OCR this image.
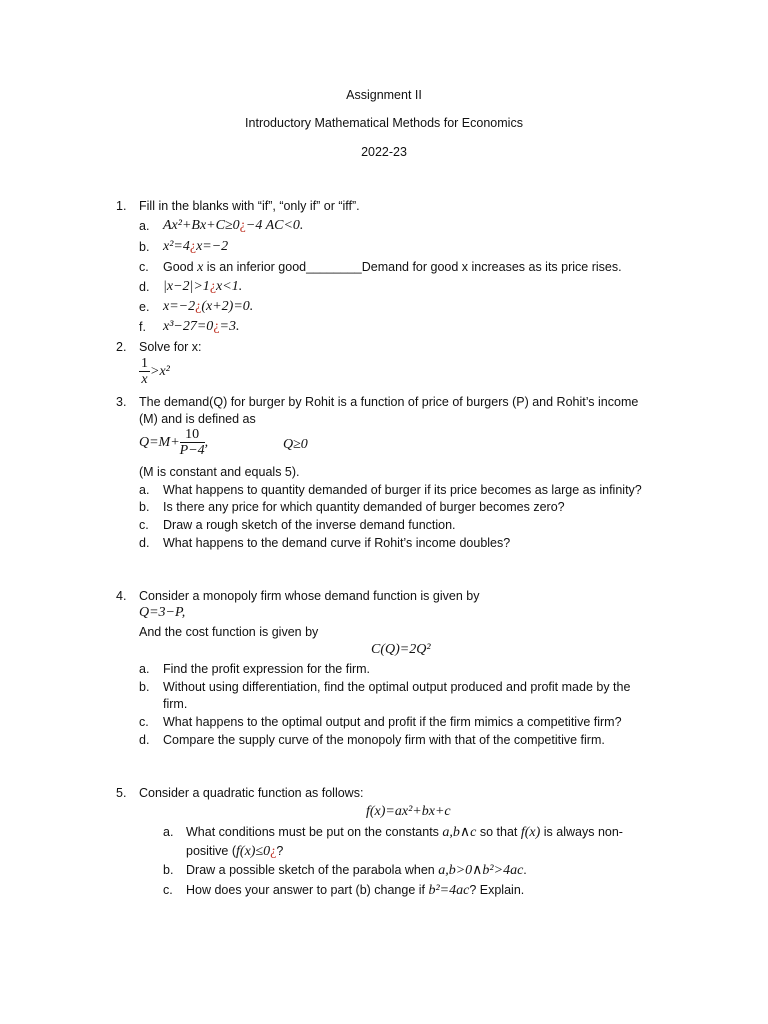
Assignment II
Introductory Mathematical Methods for Economics
2022-23
1. Fill in the blanks with “if”, “only if” or “iff”.
a. Ax²+Bx+C≥0¿−4 AC<0.
b. x²=4¿x=−2
c. Good x is an inferior good________Demand for good x increases as its price rises.
d. |x−2|>1¿x<1.
e. x=−2¿(x+2)=0.
f. x³−27=0¿=3.
2. Solve for x:
$\frac{1}{x} >x^2$
3. The demand(Q) for burger by Rohit is a function of price of burgers (P) and Rohit’s income
(M) and is defined as
$Q=M+ \frac{10}{P-4}$ ,	Q≥0
(M is constant and equals 5).
a. What happens to quantity demanded of burger if its price becomes as large as infinity?
b. Is there any price for which quantity demanded of burger becomes zero?
c. Draw a rough sketch of the inverse demand function.
d. What happens to the demand curve if Rohit’s income doubles?
4. Consider a monopoly firm whose demand function is given by
Q=3−P,
And the cost function is given by
C(Q)=2Q²
a. Find the profit expression for the firm.
b. Without using differentiation, find the optimal output produced and profit made by the
firm.
c. What happens to the optimal output and profit if the firm mimics a competitive firm?
d. Compare the supply curve of the monopoly firm with that of the competitive firm.
5. Consider a quadratic function as follows:
f(x)=ax²+bx+c
a. What conditions must be put on the constants a,b∧c so that f(x) is always non-
positive (f(x)≤0¿?
b. Draw a possible sketch of the parabola when a,b>0∧b²>4ac.
c. How does your answer to part (b) change if b²=4ac? Explain.
